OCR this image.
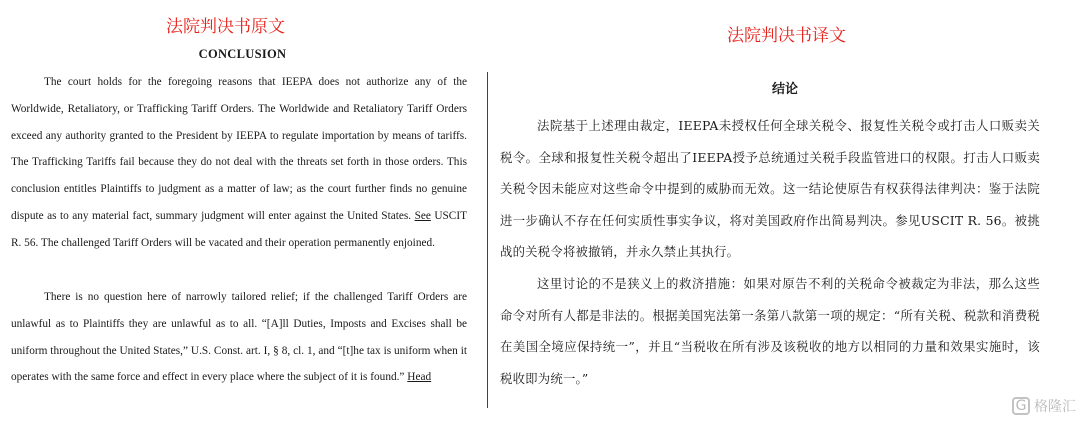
法院判决书原文
CONCLUSION

The court holds for the foregoing reasons that IEEPA does not authorize any of the Worldwide, Retaliatory, or Trafficking Tariff Orders. The Worldwide and Retaliatory Tariff Orders exceed any authority granted to the President by IEEPA to regulate importation by means of tariffs. The Trafficking Tariffs fail because they do not deal with the threats set forth in those orders. This conclusion entitles Plaintiffs to judgment as a matter of law; as the court further finds no genuine dispute as to any material fact, summary judgment will enter against the United States. See USCIT R. 56. The challenged Tariff Orders will be vacated and their operation permanently enjoined.

There is no question here of narrowly tailored relief; if the challenged Tariff Orders are unlawful as to Plaintiffs they are unlawful as to all. “[A]ll Duties, Imposts and Excises shall be uniform throughout the United States,” U.S. Const. art. I, § 8, cl. 1, and “[t]he tax is uniform when it operates with the same force and effect in every place where the subject of it is found.” Head

法院判决书译文
结论

法院基于上述理由裁定，IEEPA未授权任何全球关税令、报复性关税令或打击人口贩卖关税令。全球和报复性关税令超出了IEEPA授予总统通过关税手段监管进口的权限。打击人口贩卖关税令因未能应对这些命令中提到的威胁而无效。这一结论使原告有权获得法律判决：鉴于法院进一步确认不存在任何实质性事实争议，将对美国政府作出简易判决。参见USCIT R. 56。被挑战的关税令将被撤销，并永久禁止其执行。

这里讨论的不是狭义上的救济措施：如果对原告不利的关税命令被裁定为非法，那么这些命令对所有人都是非法的。根据美国宪法第一条第八款第一项的规定：“所有关税、税款和消费税在美国全境应保持统一”，并且“当税收在所有涉及该税收的地方以相同的力量和效果实施时，该税收即为统一。”

G 格隆汇
